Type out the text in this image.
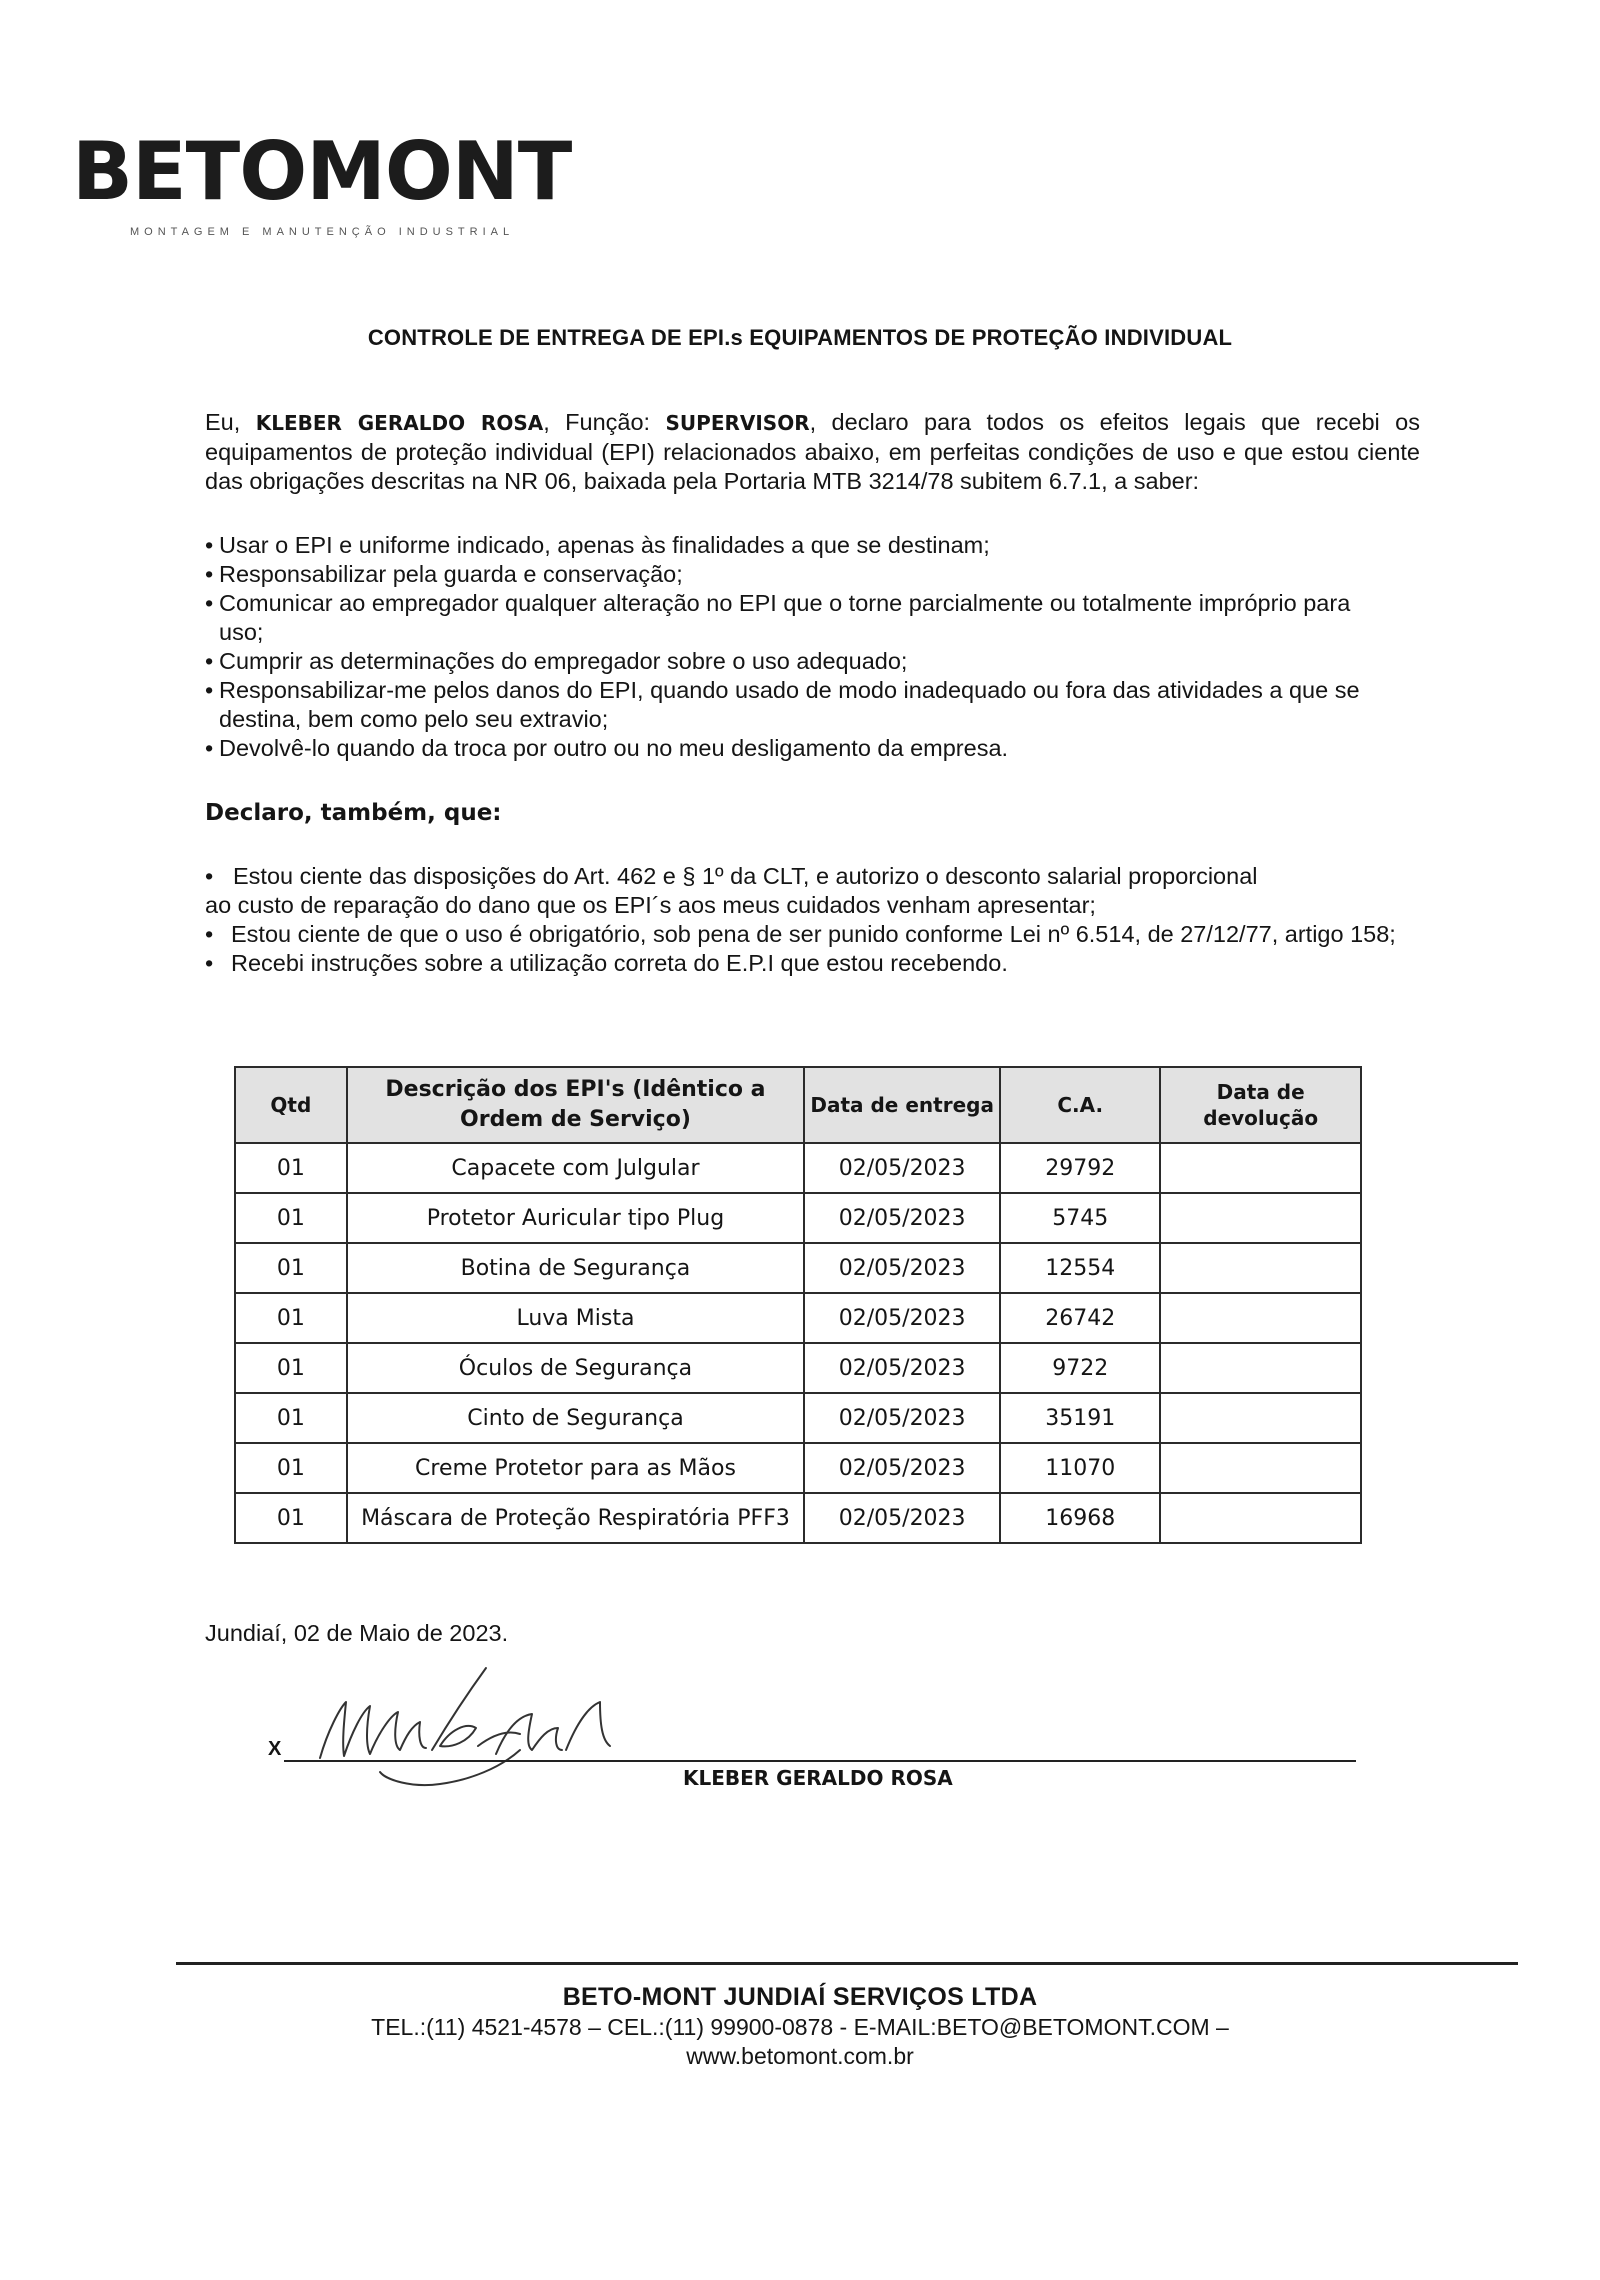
BETOMONT
MONTAGEM E MANUTENÇÃO INDUSTRIAL
CONTROLE DE ENTREGA DE EPI.s EQUIPAMENTOS DE PROTEÇÃO INDIVIDUAL
Eu, KLEBER GERALDO ROSA, Função: SUPERVISOR, declaro para todos os efeitos legais que recebi os equipamentos de proteção individual (EPI) relacionados abaixo, em perfeitas condições de uso e que estou ciente das obrigações descritas na NR 06, baixada pela Portaria MTB 3214/78 subitem 6.7.1, a saber:
• Usar o EPI e uniforme indicado, apenas às finalidades a que se destinam;
• Responsabilizar pela guarda e conservação;
• Comunicar ao empregador qualquer alteração no EPI que o torne parcialmente ou totalmente impróprio para uso;
• Cumprir as determinações do empregador sobre o uso adequado;
• Responsabilizar-me pelos danos do EPI, quando usado de modo inadequado ou fora das atividades a que se destina, bem como pelo seu extravio;
• Devolvê-lo quando da troca por outro ou no meu desligamento da empresa.
Declaro, também, que:
• Estou ciente das disposições do Art. 462 e § 1º da CLT, e autorizo o desconto salarial proporcional
ao custo de reparação do dano que os EPI´s aos meus cuidados venham apresentar;
• Estou ciente de que o uso é obrigatório, sob pena de ser punido conforme Lei nº 6.514, de 27/12/77, artigo 158;
• Recebi instruções sobre a utilização correta do E.P.I que estou recebendo.
Qtd	Descrição dos EPI's (Idêntico a Ordem de Serviço)	Data de entrega	C.A.	Data de devolução
01	Capacete com Julgular	02/05/2023	29792	
01	Protetor Auricular tipo Plug	02/05/2023	5745	
01	Botina de Segurança	02/05/2023	12554	
01	Luva Mista	02/05/2023	26742	
01	Óculos de Segurança	02/05/2023	9722	
01	Cinto de Segurança	02/05/2023	35191	
01	Creme Protetor para as Mãos	02/05/2023	11070	
01	Máscara de Proteção Respiratória PFF3	02/05/2023	16968	
Jundiaí, 02 de Maio de 2023.
X
KLEBER GERALDO ROSA
BETO-MONT JUNDIAÍ SERVIÇOS LTDA
TEL.:(11) 4521-4578 – CEL.:(11) 99900-0878 - E-MAIL:BETO@BETOMONT.COM –
www.betomont.com.br
